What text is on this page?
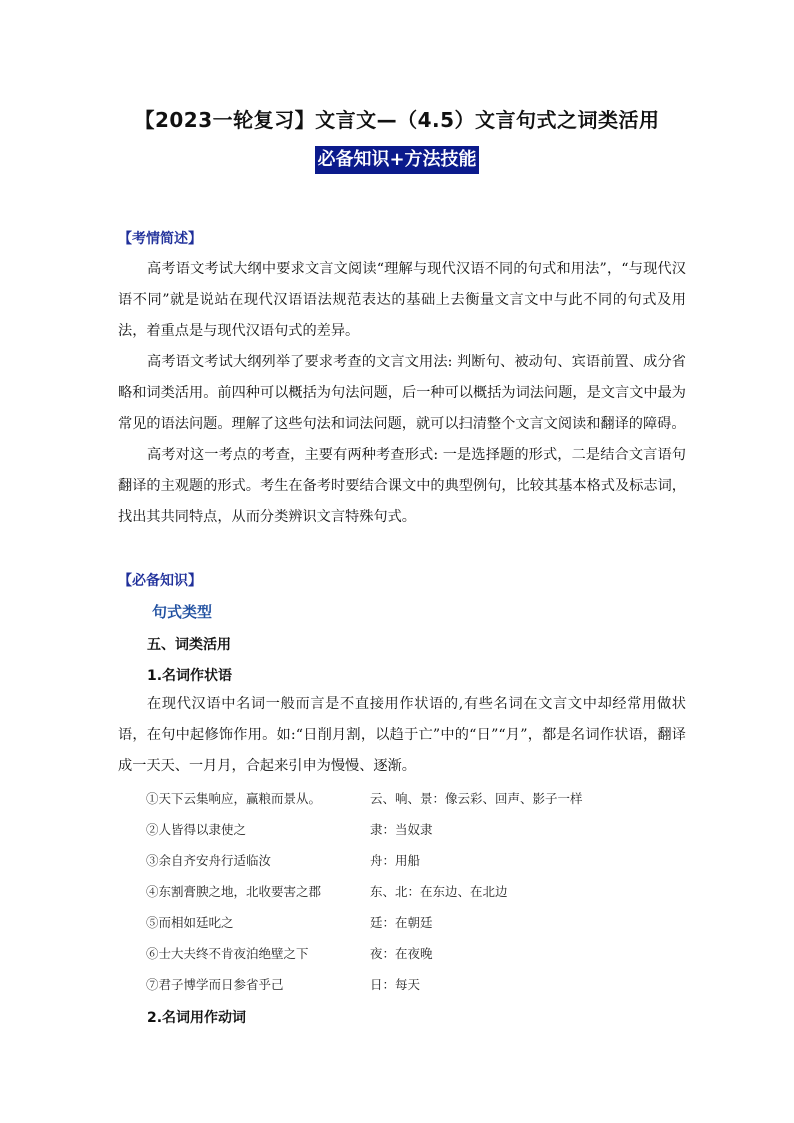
【2023一轮复习】文言文—（4.5）文言句式之词类活用
必备知识+方法技能
【考情简述】
高考语文考试大纲中要求文言文阅读“理解与现代汉语不同的句式和用法”，“与现代汉语不同”就是说站在现代汉语语法规范表达的基础上去衡量文言文中与此不同的句式及用法，着重点是与现代汉语句式的差异。
高考语文考试大纲列举了要求考查的文言文用法: 判断句、被动句、宾语前置、成分省略和词类活用。前四种可以概括为句法问题，后一种可以概括为词法问题，是文言文中最为常见的语法问题。理解了这些句法和词法问题，就可以扫清整个文言文阅读和翻译的障碍。
高考对这一考点的考查，主要有两种考查形式: 一是选择题的形式，二是结合文言语句翻译的主观题的形式。考生在备考时要结合课文中的典型例句，比较其基本格式及标志词，找出其共同特点，从而分类辨识文言特殊句式。
【必备知识】
句式类型
五、词类活用
1.名词作状语
在现代汉语中名词一般而言是不直接用作状语的,有些名词在文言文中却经常用做状语，在句中起修饰作用。如:“日削月割，以趋于亡”中的“日”“月”，都是名词作状语，翻译成一天天、一月月，合起来引申为慢慢、逐渐。
①天下云集响应，赢粮而景从。	云、响、景：像云彩、回声、影子一样
②人皆得以隶使之	隶：当奴隶
③余自齐安舟行适临汝	舟：用船
④东割膏腴之地，北收要害之郡	东、北：在东边、在北边
⑤而相如廷叱之	廷：在朝廷
⑥士大夫终不肯夜泊绝壁之下	夜：在夜晚
⑦君子博学而日参省乎己	日：每天
2.名词用作动词
